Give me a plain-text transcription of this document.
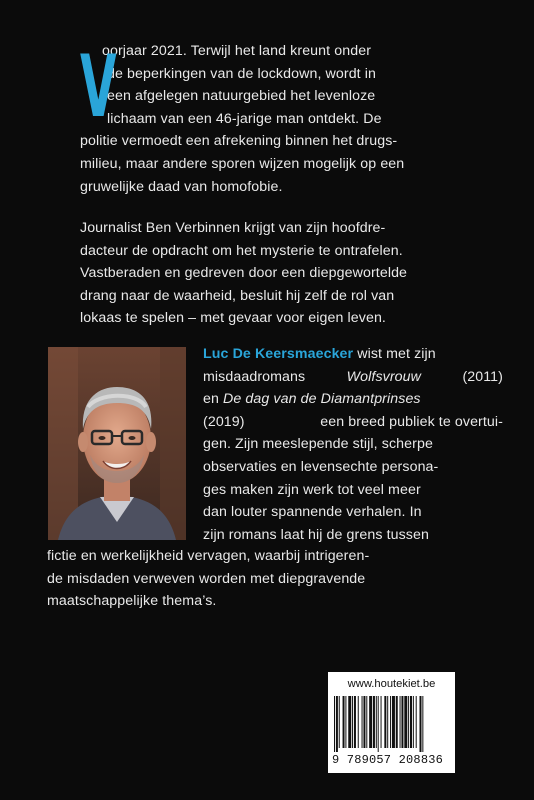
V
oorjaar 2021. Terwijl het land kreunt onder
de beperkingen van de lockdown, wordt in
een afgelegen natuurgebied het levenloze
lichaam van een 46-jarige man ontdekt. De
politie vermoedt een afrekening binnen het drugs-
milieu, maar andere sporen wijzen mogelijk op een
gruwelijke daad van homofobie.
Journalist Ben Verbinnen krijgt van zijn hoofdre-
dacteur de opdracht om het mysterie te ontrafelen.
Vastberaden en gedreven door een diepgewortelde
drang naar de waarheid, besluit hij zelf de rol van
lokaas te spelen – met gevaar voor eigen leven.
Luc De Keersmaecker wist met zijn
misdaadromans	Wolfsvrouw	(2011)
en De dag van de Diamantprinses
(2019)	een breed publiek te overtui-
gen. Zijn meeslepende stijl, scherpe
observaties en levensechte persona-
ges maken zijn werk tot veel meer
dan louter spannende verhalen. In
zijn romans laat hij de grens tussen
fictie en werkelijkheid vervagen, waarbij intrigeren-
de misdaden verweven worden met diepgravende
maatschappelijke thema’s.
www.houtekiet.be
9 789057 208836
